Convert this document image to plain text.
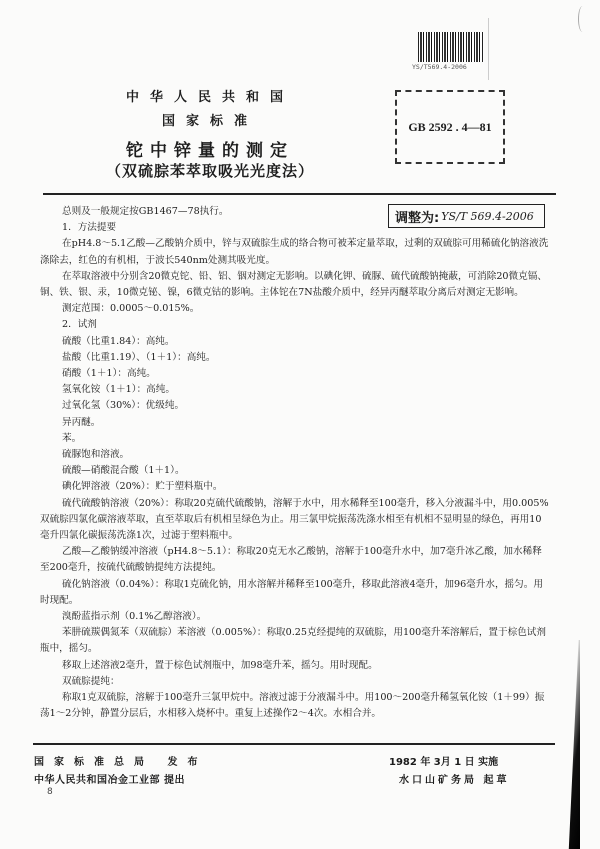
中华人民共和国
国家标准
铊中锌量的测定
（双硫腙苯萃取吸光光度法）
YS/T569.4-2006
GB 2592 . 4—81
调整为: YS/T 569.4-2006

总则及一般规定按GB1467—78执行。

1．方法提要

在pH4.8～5.1乙酸—乙酸钠介质中，锌与双硫腙生成的络合物可被苯定量萃取，过剩的双硫腙可用稀硫化钠溶液洗涤除去，红色的有机相，于波长540nm处测其吸光度。

在萃取溶液中分别含20微克铊、铅、铝、铟对测定无影响。以碘化钾、硫脲、硫代硫酸钠掩蔽，可消除20微克镉、铜、铁、银、汞，10微克铋、镍，6微克钴的影响。主体铊在7N盐酸介质中，经异丙醚萃取分离后对测定无影响。

测定范围：0.0005～0.015%。

2．试剂

硫酸（比重1.84）：高纯。

盐酸（比重1.19）、（1＋1）：高纯。

硝酸（1＋1）：高纯。

氢氧化铵（1＋1）：高纯。

过氧化氢（30%）：优级纯。

异丙醚。

苯。

硫脲饱和溶液。

硫酸—硝酸混合酸（1＋1）。

碘化钾溶液（20%）：贮于塑料瓶中。

硫代硫酸钠溶液（20%）：称取20克硫代硫酸钠，溶解于水中，用水稀释至100毫升，移入分液漏斗中，用0.005%双硫腙四氯化碳溶液萃取，直至萃取后有机相呈绿色为止。用三氯甲烷振荡洗涤水相至有机相不显明显的绿色，再用10毫升四氯化碳振荡洗涤1次，过滤于塑料瓶中。

乙酸—乙酸钠缓冲溶液（pH4.8～5.1）：称取20克无水乙酸钠，溶解于100毫升水中，加7毫升冰乙酸，加水稀释至200毫升，按硫代硫酸钠提纯方法提纯。

硫化钠溶液（0.04%）：称取1克硫化钠，用水溶解并稀释至100毫升，移取此溶液4毫升，加96毫升水，摇匀。用时现配。

溴酚蓝指示剂（0.1%乙醇溶液）。

苯肼硫羰偶氮苯（双硫腙）苯溶液（0.005%）：称取0.25克经提纯的双硫腙，用100毫升苯溶解后，置于棕色试剂瓶中，摇匀。

移取上述溶液2毫升，置于棕色试剂瓶中，加98毫升苯，摇匀。用时现配。

双硫腙提纯：

称取1克双硫腙，溶解于100毫升三氯甲烷中。溶液过滤于分液漏斗中。用100～200毫升稀氢氧化铵（1＋99）振荡1～2分钟，静置分层后，水相移入烧杯中。重复上述操作2～4次。水相合并。

国家标准总局 发布
中华人民共和国冶金工业部 提出
1982 年 3月 1 日 实施
水口山矿务局 起草
8
